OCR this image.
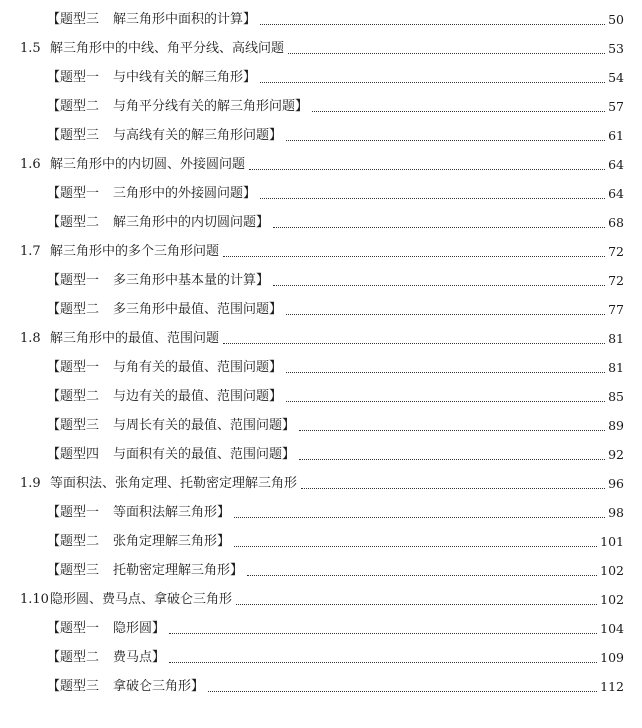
【 题型三 解三角形中面积的计算 】	50
1.5 解三角形中的中线、角平分线、高线问题	53
【 题型一 与中线有关的解三角形 】	54
【 题型二 与角平分线有关的解三角形问题 】	57
【 题型三 与高线有关的解三角形问题 】	61
1.6 解三角形中的内切圆、外接圆问题	64
【 题型一 三角形中的外接圆问题 】	64
【 题型二 解三角形中的内切圆问题 】	68
1.7 解三角形中的多个三角形问题	72
【 题型一 多三角形中基本量的计算 】	72
【 题型二 多三角形中最值、范围问题 】	77
1.8 解三角形中的最值、范围问题	81
【 题型一 与角有关的最值、范围问题 】	81
【 题型二 与边有关的最值、范围问题 】	85
【 题型三 与周长有关的最值、范围问题 】	89
【 题型四 与面积有关的最值、范围问题 】	92
1.9 等面积法、张角定理、托勒密定理解三角形	96
【 题型一 等面积法解三角形 】	98
【 题型二 张角定理解三角形 】	101
【 题型三 托勒密定理解三角形 】	102
1.10 隐形圆、费马点、拿破仑三角形	102
【 题型一 隐形圆 】	104
【 题型二 费马点 】	109
【 题型三 拿破仑三角形 】	112
